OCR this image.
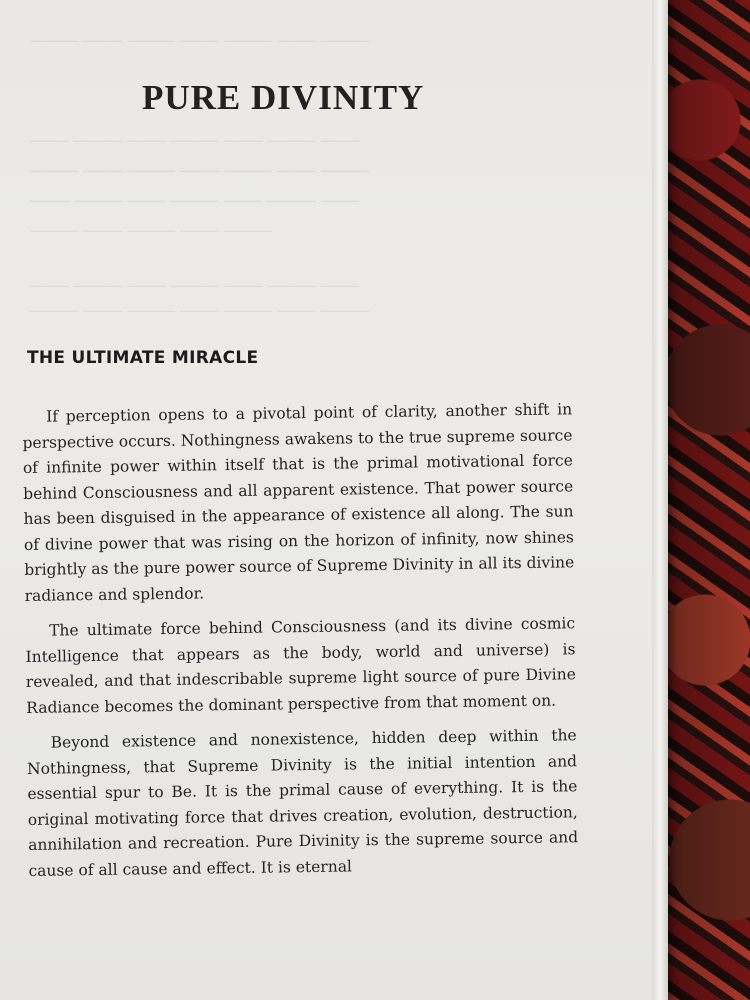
───── ──── ───── ──── ───── ──── ─────
──── ───── ──── ───── ──── ───── ────
───── ──── ───── ──── ───── ──── ─────
──── ───── ──── ───── ──── ───── ────
───── ──── ───── ──── ─────
──── ───── ──── ───── ──── ───── ────
───── ──── ───── ──── ───── ──── ─────
PURE DIVINITY
THE ULTIMATE MIRACLE

If perception opens to a pivotal point of clarity, another shift in perspective occurs. Nothingness awakens to the true supreme source of infinite power within itself that is the primal motivational force behind Consciousness and all apparent existence. That power source has been disguised in the appearance of existence all along. The sun of divine power that was rising on the horizon of infinity, now shines brightly as the pure power source of Supreme Divinity in all its divine radiance and splendor.

The ultimate force behind Consciousness (and its divine cosmic Intelligence that appears as the body, world and universe) is revealed, and that indescribable supreme light source of pure Divine Radiance becomes the dominant perspective from that moment on.

Beyond existence and nonexistence, hidden deep within the Nothingness, that Supreme Divinity is the initial intention and essential spur to Be. It is the primal cause of everything. It is the original motivating force that drives creation, evolution, destruction, annihilation and recreation. Pure Divinity is the supreme source and cause of all cause and effect. It is eternal
